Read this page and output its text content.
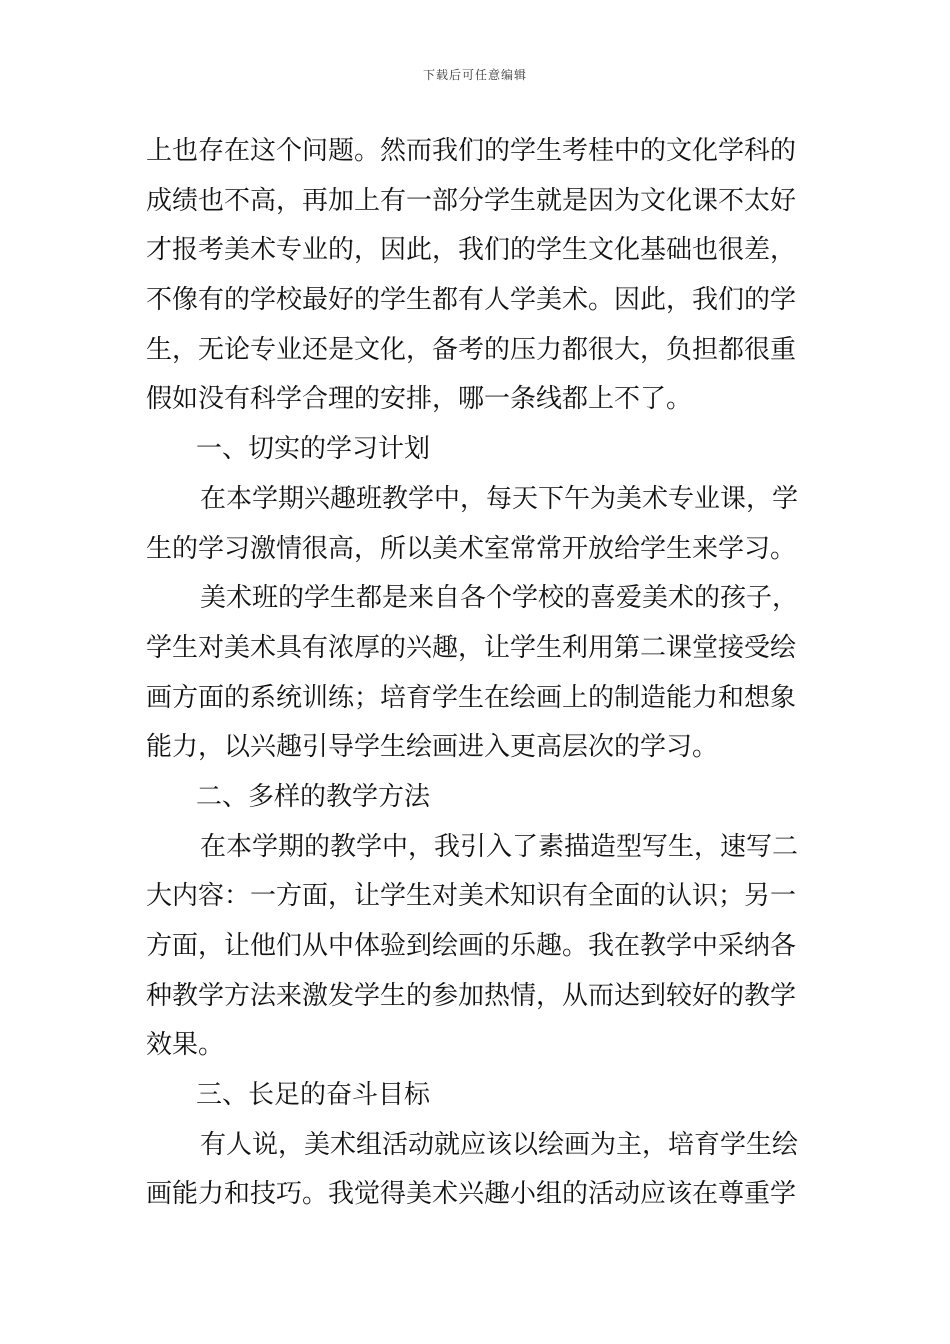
下载后可任意编辑
上也存在这个问题。然而我们的学生考桂中的文化学科的
成绩也不高，再加上有一部分学生就是因为文化课不太好
才报考美术专业的，因此，我们的学生文化基础也很差，
不像有的学校最好的学生都有人学美术。因此，我们的学
生，无论专业还是文化，备考的压力都很大，负担都很重
假如没有科学合理的安排，哪一条线都上不了。
一、切实的学习计划
在本学期兴趣班教学中，每天下午为美术专业课，学
生的学习激情很高，所以美术室常常开放给学生来学习。
美术班的学生都是来自各个学校的喜爱美术的孩子，
学生对美术具有浓厚的兴趣，让学生利用第二课堂接受绘
画方面的系统训练；培育学生在绘画上的制造能力和想象
能力，以兴趣引导学生绘画进入更高层次的学习。
二、多样的教学方法
在本学期的教学中，我引入了素描造型写生，速写二
大内容：一方面，让学生对美术知识有全面的认识；另一
方面，让他们从中体验到绘画的乐趣。我在教学中采纳各
种教学方法来激发学生的参加热情，从而达到较好的教学
效果。
三、长足的奋斗目标
有人说，美术组活动就应该以绘画为主，培育学生绘
画能力和技巧。我觉得美术兴趣小组的活动应该在尊重学
